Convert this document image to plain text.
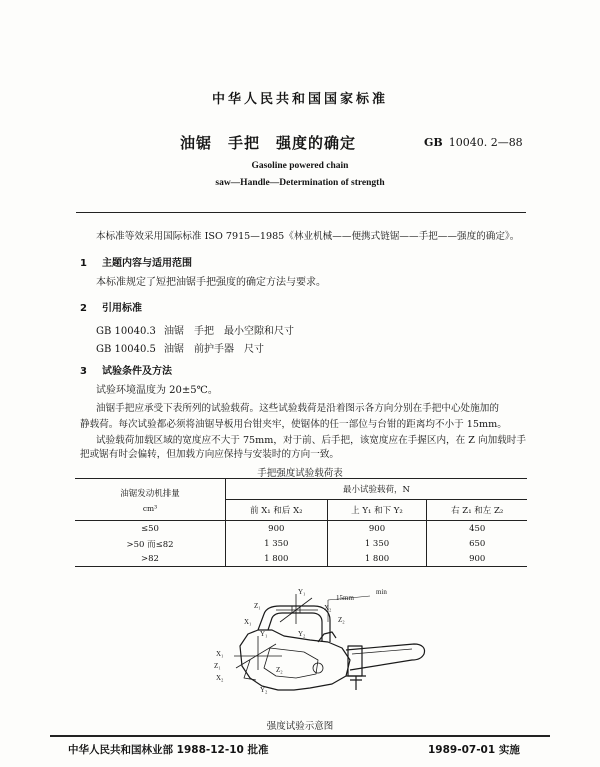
中华人民共和国国家标准
油锯　手把　强度的确定	GB 10040. 2—88
Gasoline powered chain
saw—Handle—Determination of strength
本标准等效采用国际标准 ISO 7915—1985《林业机械——便携式链锯——手把——强度的确定》。
1 主题内容与适用范围
本标准规定了短把油锯手把强度的确定方法与要求。
2 引用标准
GB 10040.3 油锯　手把　最小空隙和尺寸
GB 10040.5 油锯　前护手器　尺寸
3 试验条件及方法
试验环境温度为 20±5℃。
油锯手把应承受下表所列的试验载荷。这些试验载荷是沿着图示各方向分别在手把中心处施加的
静载荷。每次试验都必须将油锯导板用台钳夹牢，使锯体的任一部位与台钳的距离均不小于 15mm。
试验载荷加载区域的宽度应不大于 75mm，对于前、后手把，该宽度应在手握区内，在 Z 向加载时手
把或锯有时会偏转，但加载方向应保持与安装时的方向一致。
手把强度试验载荷表
油锯发动机排量
cm³	最小试验载荷，N		
	前 X₁ 和后 X₂	上 Y₁ 和下 Y₂	右 Z₁ 和左 Z₂
≤50	900	900	450
>50 而≤82	1 350	1 350	650
>82	1 800	1 800	900
Z₁	X₂
X₁	Z₂
Y₁
Y₁	Y₂
X₁
Z₁
X₂
Z₂
Y₂
15mm
min
强度试验示意图
中华人民共和国林业部 1988-12-10 批准	1989-07-01 实施
